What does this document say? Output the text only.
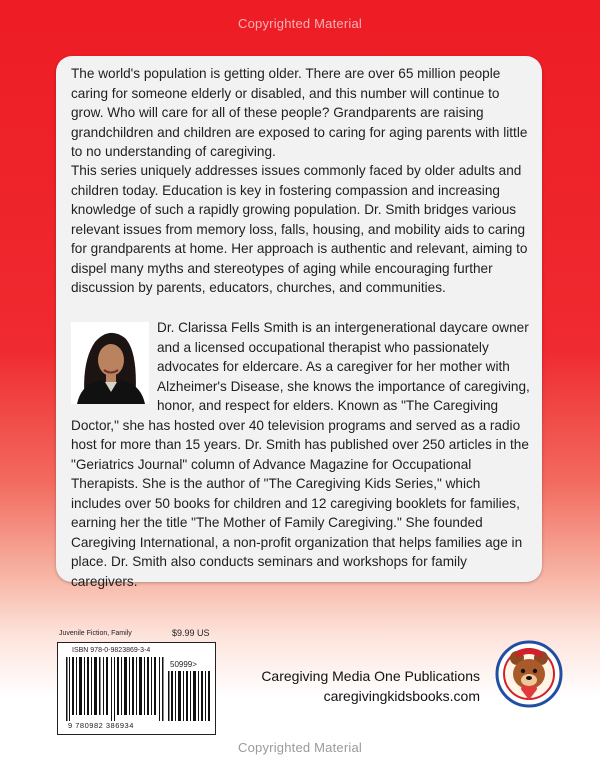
Copyrighted Material

The world's population is getting older. There are over 65 million people caring for someone elderly or disabled, and this number will continue to grow. Who will care for all of these people? Grandparents are raising grandchildren and children are exposed to caring for aging parents with little to no understanding of caregiving.

This series uniquely addresses issues commonly faced by older adults and children today. Education is key in fostering compassion and increasing knowledge of such a rapidly growing population. Dr. Smith bridges various relevant issues from memory loss, falls, housing, and mobility aids to caring for grandparents at home. Her approach is authentic and relevant, aiming to dispel many myths and stereotypes of aging while encouraging further discussion by parents, educators, churches, and communities.

Dr. Clarissa Fells Smith is an intergenerational daycare owner and a licensed occupational therapist who passionately advocates for eldercare. As a caregiver for her mother with Alzheimer's Disease, she knows the importance of caregiving, honor, and respect for elders. Known as "The Caregiving Doctor," she has hosted over 40 television programs and served as a radio host for more than 15 years. Dr. Smith has published over 250 articles in the "Geriatrics Journal" column of Advance Magazine for Occupational Therapists. She is the author of "The Caregiving Kids Series," which includes over 50 books for children and 12 caregiving booklets for families, earning her the title "The Mother of Family Caregiving." She founded Caregiving International, a non-profit organization that helps families age in place. Dr. Smith also conducts seminars and workshops for family caregivers.

Juvenile Fiction, Family	$9.99 US
ISBN 978-0-9823869-3-4
50999>
9 780982 386934
Caregiving Media One Publications
caregivingkidsbooks.com
Copyrighted Material
